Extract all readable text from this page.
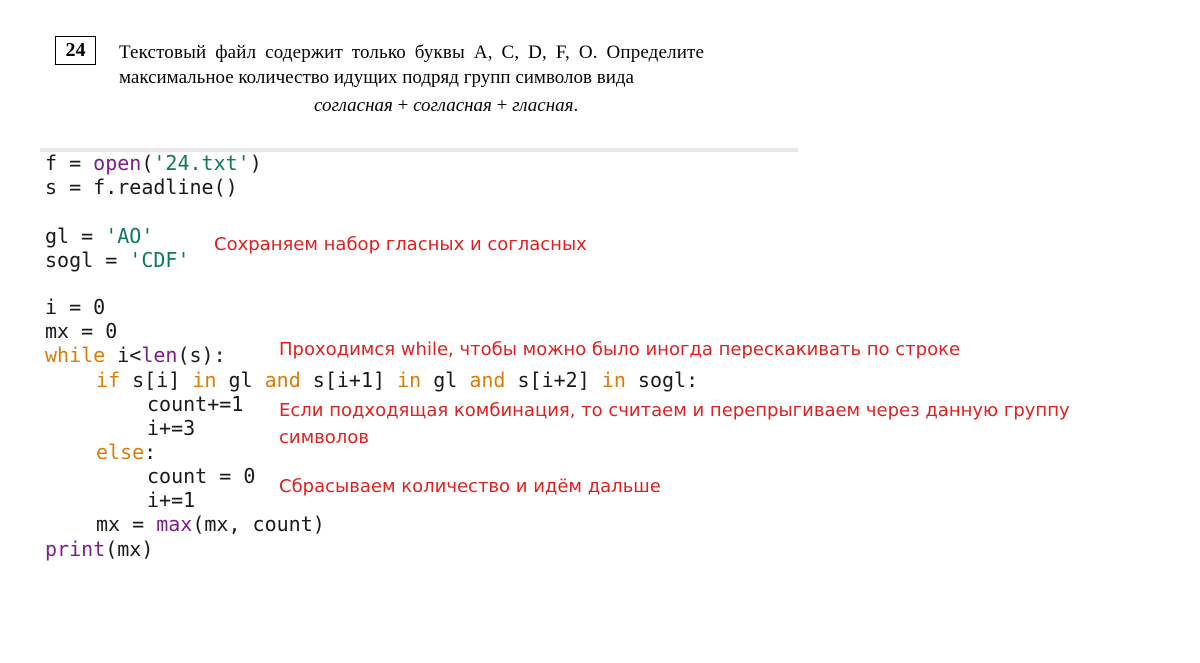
24	Текстовый файл содержит только буквы A, C, D, F, O. Определите
максимальное количество идущих подряд групп символов вида
согласная + согласная + гласная.
f = open('24.txt')
s = f.readline()
gl = 'AO'
sogl = 'CDF'
i = 0
mx = 0
while i<len(s):
if s[i] in gl and s[i+1] in gl and s[i+2] in sogl:
count+=1
i+=3
else:
count = 0
i+=1
mx = max(mx, count)
print(mx)
Сохраняем набор гласных и согласных
Проходимся while, чтобы можно было иногда перескакивать по строке
Если подходящая комбинация, то считаем и перепрыгиваем через данную группу
символов
Сбрасываем количество и идём дальше
